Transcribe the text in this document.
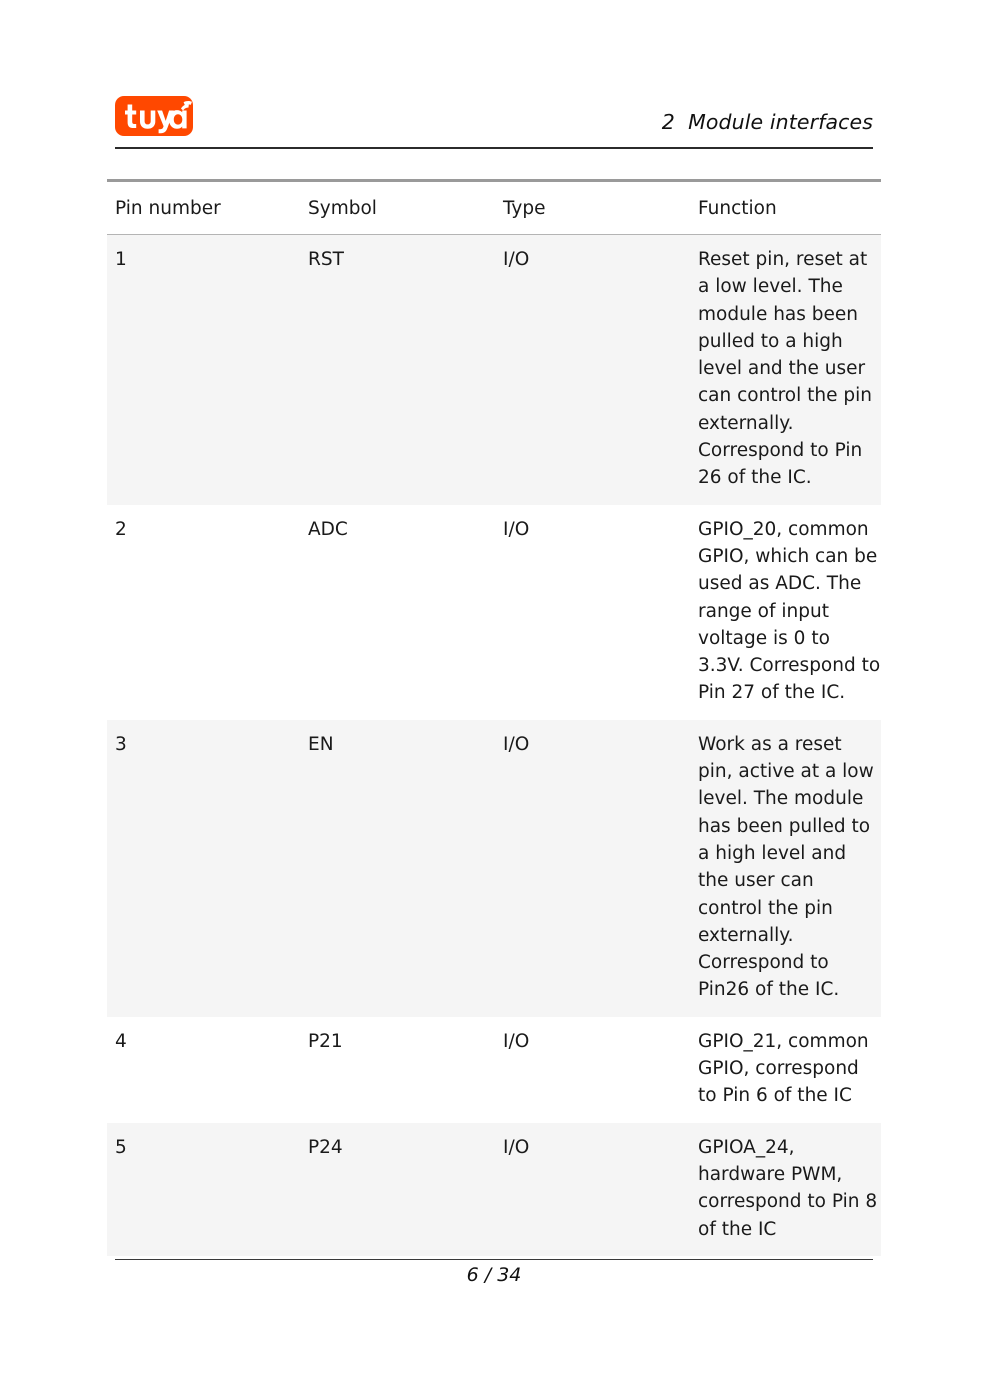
2  Module interfaces
Pin number	Symbol	Type	Function
1	RST	I/O	Reset pin, reset at a low level. The module has been pulled to a high level and the user can control the pin externally. Correspond to Pin 26 of the IC.
2	ADC	I/O	GPIO_20, common GPIO, which can be used as ADC. The range of input voltage is 0 to 3.3V. Correspond to Pin 27 of the IC.
3	EN	I/O	Work as a reset pin, active at a low level. The module has been pulled to a high level and the user can control the pin externally. Correspond to Pin26 of the IC.
4	P21	I/O	GPIO_21, common GPIO, correspond to Pin 6 of the IC
5	P24	I/O	GPIOA_24, hardware PWM, correspond to Pin 8 of the IC
6 / 34
